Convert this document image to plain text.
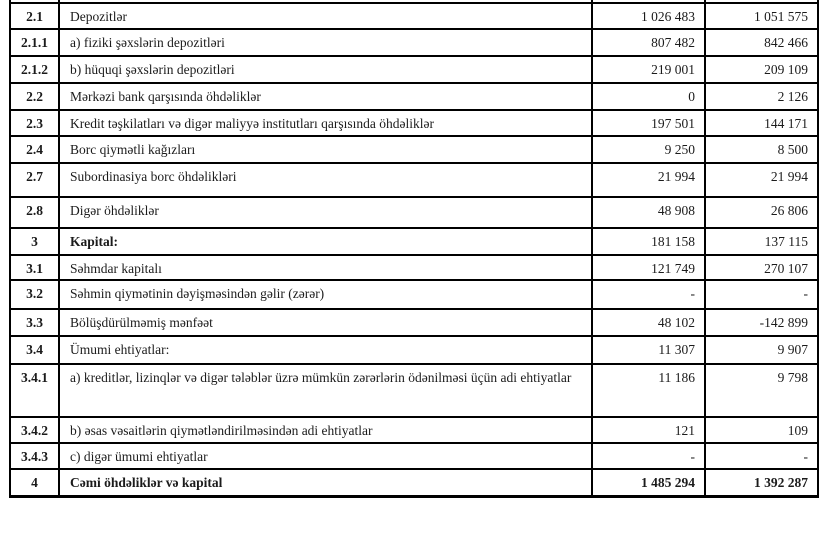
2.1	Depozitlər	1 026 483	1 051 575
2.1.1	a) fiziki şəxslərin depozitləri	807 482	842 466
2.1.2	b) hüquqi şəxslərin depozitləri	219 001	209 109
2.2	Mərkəzi bank qarşısında öhdəliklər	0	2 126
2.3	Kredit təşkilatları və digər maliyyə institutları qarşısında öhdəliklər	197 501	144 171
2.4	Borc qiymətli kağızları	9 250	8 500
2.7	Subordinasiya borc öhdəlikləri	21 994	21 994
2.8	Digər öhdəliklər	48 908	26 806
3	Kapital:	181 158	137 115
3.1	Səhmdar kapitalı	121 749	270 107
3.2	Səhmin qiymətinin dəyişməsindən gəlir (zərər)	-	-
3.3	Bölüşdürülməmiş mənfəət	48 102	-142 899
3.4	Ümumi ehtiyatlar:	11 307	9 907
3.4.1	a) kreditlər, lizinqlər və digər tələblər üzrə mümkün zərərlərin ödənilməsi üçün adi ehtiyatlar	11 186	9 798
3.4.2	b) əsas vəsaitlərin qiymətləndirilməsindən adi ehtiyatlar	121	109
3.4.3	c) digər ümumi ehtiyatlar	-	-
4	Cəmi öhdəliklər və kapital	1 485 294	1 392 287
